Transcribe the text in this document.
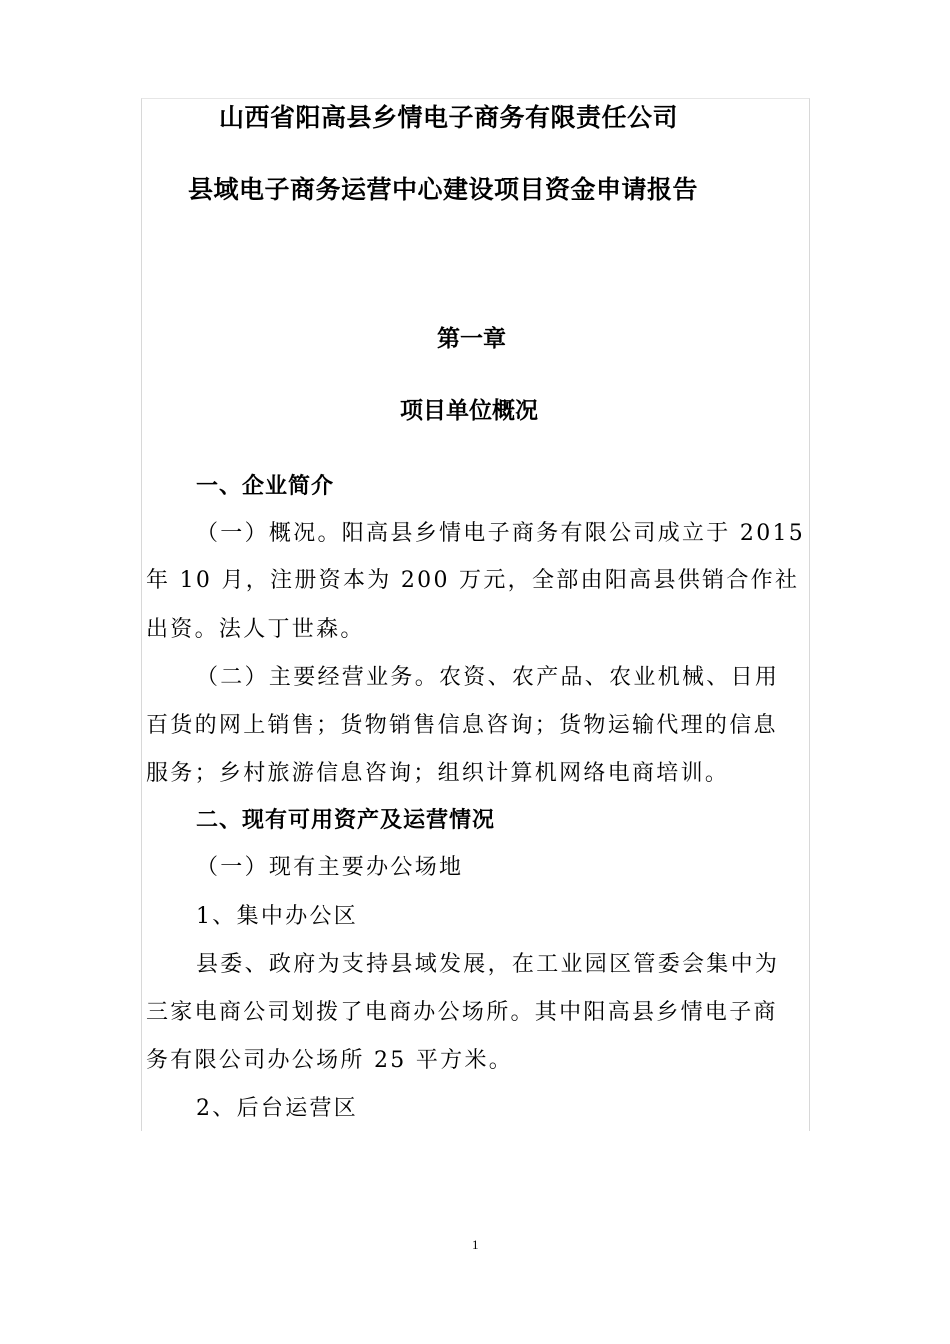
山西省阳高县乡情电子商务有限责任公司
县域电子商务运营中心建设项目资金申请报告
第一章
项目单位概况
一、企业简介

（一）概况。阳高县乡情电子商务有限公司成立于 2015

年 10 月，注册资本为 200 万元，全部由阳高县供销合作社

出资。法人丁世森。

（二）主要经营业务。农资、农产品、农业机械、日用

百货的网上销售；货物销售信息咨询；货物运输代理的信息

服务；乡村旅游信息咨询；组织计算机网络电商培训。

二、现有可用资产及运营情况

（一）现有主要办公场地

1、集中办公区

县委、政府为支持县域发展，在工业园区管委会集中为

三家电商公司划拨了电商办公场所。其中阳高县乡情电子商

务有限公司办公场所 25 平方米。

2、后台运营区

1
